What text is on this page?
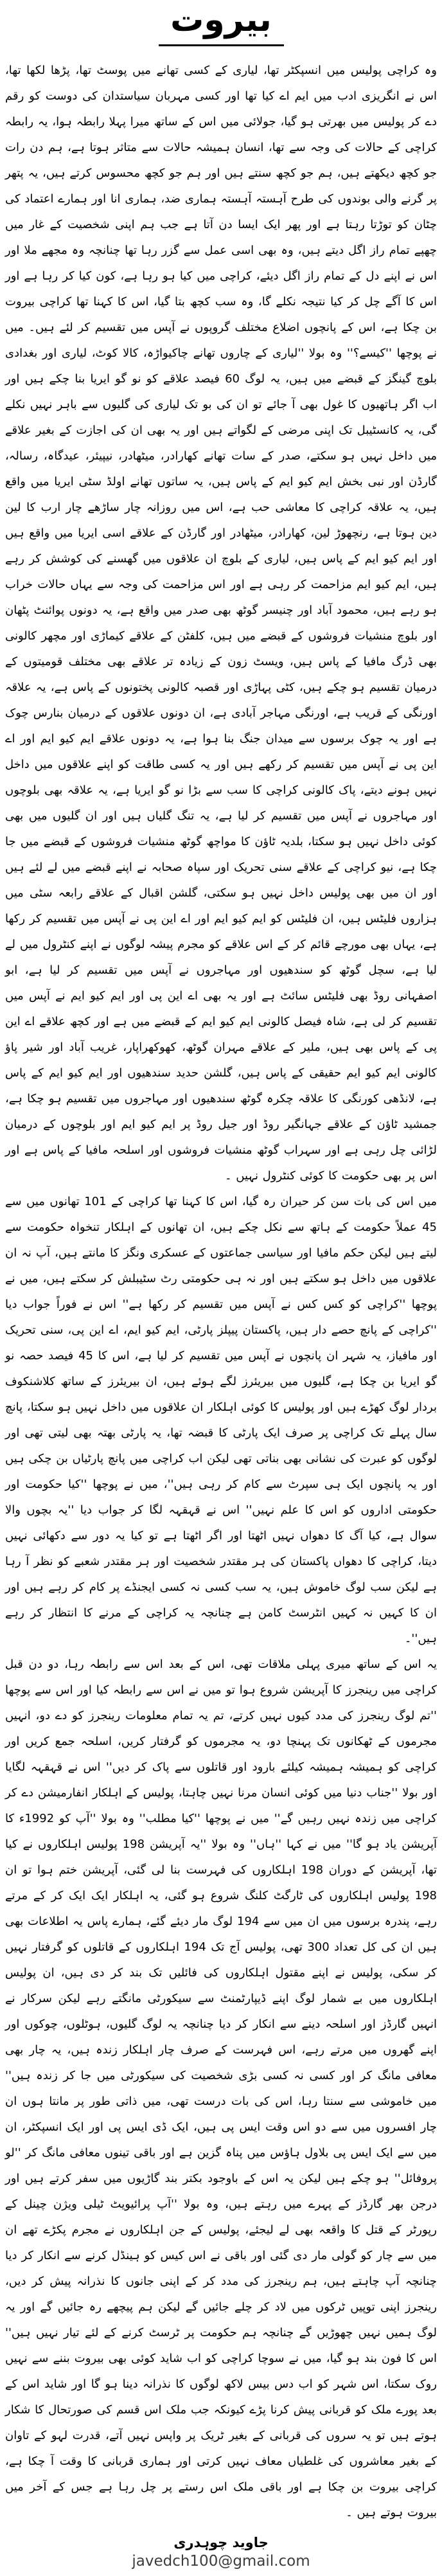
بیروت

وہ کراچی پولیس میں انسپکٹر تھا، لیاری کے کسی تھانے میں پوسٹ تھا، پڑھا لکھا تھا، اس نے انگریزی ادب میں ایم اے کیا تھا اور کسی مہربان سیاستدان کی دوست کو رقم دے کر پولیس میں بھرتی ہو گیا، جولائی میں اس کے ساتھ میرا پہلا رابطہ ہوا، یہ رابطہ کراچی کے حالات کی وجہ سے تھا، انسان ہمیشہ حالات سے متاثر ہوتا ہے، ہم دن رات جو کچھ دیکھتے ہیں، ہم جو کچھ سنتے ہیں اور ہم جو کچھ محسوس کرتے ہیں، یہ پتھر پر گرنے والی بوندوں کی طرح آہستہ آہستہ ہماری ضد، ہماری انا اور ہمارے اعتماد کی چٹان کو توڑتا رہتا ہے اور پھر ایک ایسا دن آتا ہے جب ہم اپنی شخصیت کے غار میں چھپے تمام راز اگل دیتے ہیں، وہ بھی اسی عمل سے گزر رہا تھا چنانچہ وہ مجھے ملا اور اس نے اپنے دل کے تمام راز اگل دیئے، کراچی میں کیا ہو رہا ہے، کون کیا کر رہا ہے اور اس کا آگے چل کر کیا نتیجہ نکلے گا، وہ سب کچھ بتا گیا، اس کا کہنا تھا کراچی بیروت بن چکا ہے، اس کے پانچوں اضلاع مختلف گروپوں نے آپس میں تقسیم کر لئے ہیں۔ میں نے پوچھا ''کیسے؟'' وہ بولا ''لیاری کے چاروں تھانے چاکیواڑہ، کالا کوٹ، لیاری اور بغدادی بلوچ گینگز کے قبضے میں ہیں، یہ لوگ 60 فیصد علاقے کو نو گو ایریا بنا چکے ہیں اور اب اگر ہاتھیوں کا غول بھی آ جائے تو ان کی بو تک لیاری کی گلیوں سے باہر نہیں نکلے گی، یہ کانسٹیبل تک اپنی مرضی کے لگواتے ہیں اور یہ بھی ان کی اجازت کے بغیر علاقے میں داخل نہیں ہو سکتے، صدر کے سات تھانے کھارادر، میٹھادر، نیپیئر، عیدگاہ، رسالہ، گارڈن اور نبی بخش ایم کیو ایم کے پاس ہیں، یہ ساتوں تھانے اولڈ سٹی ایریا میں واقع ہیں، یہ علاقہ کراچی کا معاشی حب ہے، اس میں روزانہ چار ساڑھے چار ارب کا لین دین ہوتا ہے، رنچھوڑ لین، کھارادر، میٹھادر اور گارڈن کے علاقے اسی ایریا میں واقع ہیں اور ایم کیو ایم کے پاس ہیں، لیاری کے بلوچ ان علاقوں میں گھسنے کی کوشش کر رہے ہیں، ایم کیو ایم مزاحمت کر رہی ہے اور اس مزاحمت کی وجہ سے یہاں حالات خراب ہو رہے ہیں، محمود آباد اور چنیسر گوٹھ بھی صدر میں واقع ہے، یہ دونوں پوائنٹ پٹھان اور بلوچ منشیات فروشوں کے قبضے میں ہیں، کلفٹن کے علاقے کیماڑی اور مچھر کالونی بھی ڈرگ مافیا کے پاس ہیں، ویسٹ زون کے زیادہ تر علاقے بھی مختلف قومیتوں کے درمیان تقسیم ہو چکے ہیں، کٹی پہاڑی اور قصبہ کالونی پختونوں کے پاس ہے، یہ علاقہ اورنگی کے قریب ہے، اورنگی مہاجر آبادی ہے، ان دونوں علاقوں کے درمیان بنارس چوک ہے اور یہ چوک برسوں سے میدان جنگ بنا ہوا ہے، یہ دونوں علاقے ایم کیو ایم اور اے این پی نے آپس میں تقسیم کر رکھے ہیں اور یہ کسی طاقت کو اپنے علاقوں میں داخل نہیں ہونے دیتے، پاک کالونی کراچی کا سب سے بڑا نو گو ایریا ہے، یہ علاقہ بھی بلوچوں اور مہاجروں نے آپس میں تقسیم کر لیا ہے، یہ تنگ گلیاں ہیں اور ان گلیوں میں بھی کوئی داخل نہیں ہو سکتا، بلدیہ ٹاؤن کا مواچھ گوٹھ منشیات فروشوں کے قبضے میں جا چکا ہے، نیو کراچی کے علاقے سنی تحریک اور سپاہ صحابہ نے اپنے قبضے میں لے لئے ہیں اور ان میں بھی پولیس داخل نہیں ہو سکتی، گلشن اقبال کے علاقے رابعہ سٹی میں ہزاروں فلیٹس ہیں، ان فلیٹس کو ایم کیو ایم اور اے این پی نے آپس میں تقسیم کر رکھا ہے، یہاں بھی مورچے قائم کر کے اس علاقے کو مجرم پیشہ لوگوں نے اپنے کنٹرول میں لے لیا ہے، سچل گوٹھ کو سندھیوں اور مہاجروں نے آپس میں تقسیم کر لیا ہے، ابو اصفہانی روڈ بھی فلیٹس سائٹ ہے اور یہ بھی اے این پی اور ایم کیو ایم نے آپس میں تقسیم کر لی ہے، شاہ فیصل کالونی ایم کیو ایم کے قبضے میں ہے اور کچھ علاقے اے این پی کے پاس بھی ہیں، ملیر کے علاقے مہران گوٹھ، کھوکھراپار، غریب آباد اور شیر پاؤ کالونی ایم کیو ایم حقیقی کے پاس ہیں، گلشن حدید سندھیوں اور ایم کیو ایم کے پاس ہے، لانڈھی کورنگی کا علاقہ چکرہ گوٹھ سندھیوں اور مہاجروں میں تقسیم ہو چکا ہے، جمشید ٹاؤن کے علاقے جہانگیر روڈ اور جیل روڈ پر ایم کیو ایم اور بلوچوں کے درمیان لڑائی چل رہی ہے اور سہراب گوٹھ منشیات فروشوں اور اسلحہ مافیا کے پاس ہے اور اس پر بھی حکومت کا کوئی کنٹرول نہیں ۔

میں اس کی بات سن کر حیران رہ گیا، اس کا کہنا تھا کراچی کے 101 تھانوں میں سے 45 عملاً حکومت کے ہاتھ سے نکل چکے ہیں، ان تھانوں کے اہلکار تنخواہ حکومت سے لیتے ہیں لیکن حکم مافیا اور سیاسی جماعتوں کے عسکری ونگز کا مانتے ہیں، آپ نہ ان علاقوں میں داخل ہو سکتے ہیں اور نہ ہی حکومتی رٹ سٹیبلش کر سکتے ہیں، میں نے پوچھا ''کراچی کو کس کس نے آپس میں تقسیم کر رکھا ہے'' اس نے فوراً جواب دیا ''کراچی کے پانچ حصے دار ہیں، پاکستان پیپلز پارٹی، ایم کیو ایم، اے این پی، سنی تحریک اور مافیاز، یہ شہر ان پانچوں نے آپس میں تقسیم کر لیا ہے، اس کا 45 فیصد حصہ نو گو ایریا بن چکا ہے، گلیوں میں بیریئرز لگے ہوئے ہیں، ان بیریئرز کے ساتھ کلاشنکوف بردار لوگ کھڑے ہیں اور پولیس کا کوئی اہلکار ان علاقوں میں داخل نہیں ہو سکتا، پانچ سال پہلے تک کراچی پر صرف ایک پارٹی کا قبضہ تھا، یہ پارٹی بھتہ بھی لیتی تھی اور لوگوں کو عبرت کی نشانی بھی بناتی تھی لیکن اب کراچی میں پانچ پارٹیاں بن چکی ہیں اور یہ پانچوں ایک ہی سپرٹ سے کام کر رہی ہیں''، میں نے پوچھا ''کیا حکومت اور حکومتی اداروں کو اس کا علم نہیں'' اس نے قہقہہ لگا کر جواب دیا ''یہ بچوں والا سوال ہے، کیا آگ کا دھواں نہیں اٹھتا اور اگر اٹھتا ہے تو کیا یہ دور سے دکھائی نہیں دیتا، کراچی کا دھواں پاکستان کی ہر مقتدر شخصیت اور ہر مقتدر شعبے کو نظر آ رہا ہے لیکن سب لوگ خاموش ہیں، یہ سب کسی نہ کسی ایجنڈے پر کام کر رہے ہیں اور ان کا کہیں نہ کہیں انٹرسٹ کامن ہے چنانچہ یہ کراچی کے مرنے کا انتظار کر رہے ہیں''۔

یہ اس کے ساتھ میری پہلی ملاقات تھی، اس کے بعد اس سے رابطہ رہا، دو دن قبل کراچی میں رینجرز کا آپریشن شروع ہوا تو میں نے اس سے رابطہ کیا اور اس سے پوچھا ''تم لوگ رینجرز کی مدد کیوں نہیں کرتے، تم یہ تمام معلومات رینجرز کو دے دو، انہیں مجرموں کے ٹھکانوں تک پہنچا دو، یہ مجرموں کو گرفتار کریں، اسلحہ جمع کریں اور کراچی کو ہمیشہ ہمیشہ کیلئے بارود اور قاتلوں سے پاک کر دیں'' اس نے قہقہہ لگایا اور بولا ''جناب دنیا میں کوئی انسان مرنا نہیں چاہتا، پولیس کے اہلکار انفارمیشن دے کر کراچی میں زندہ نہیں رہیں گے'' میں نے پوچھا ''کیا مطلب'' وہ بولا ''آپ کو 1992ء کا آپریشن یاد ہو گا'' میں نے کہا ''ہاں'' وہ بولا ''یہ آپریشن 198 پولیس اہلکاروں نے کیا تھا، آپریشن کے دوران 198 اہلکاروں کی فہرست بنا لی گئی، آپریشن ختم ہوا تو ان 198 پولیس اہلکاروں کی ٹارگٹ کلنگ شروع ہو گئی، یہ اہلکار ایک ایک کر کے مرتے رہے، پندرہ برسوں میں ان میں سے 194 لوگ مار دیئے گئے، ہمارے پاس یہ اطلاعات بھی ہیں ان کی کل تعداد 300 تھی، پولیس آج تک 194 اہلکاروں کے قاتلوں کو گرفتار نہیں کر سکی، پولیس نے اپنے مقتول اہلکاروں کی فائلیں تک بند کر دی ہیں، ان پولیس اہلکاروں میں بے شمار لوگ اپنے ڈیپارٹمنٹ سے سیکورٹی مانگتے رہے لیکن سرکار نے انہیں گارڈز اور اسلحہ دینے سے انکار کر دیا چنانچہ یہ لوگ گلیوں، ہوٹلوں، چوکوں اور اپنے گھروں میں مرتے رہے، اس فہرست کے صرف چار اہلکار زندہ ہیں، یہ چار بھی معافی مانگ کر اور کسی نہ کسی بڑی شخصیت کی سیکورٹی میں جا کر زندہ ہیں'' میں خاموشی سے سنتا رہا، اس کی بات درست تھی، میں ذاتی طور پر مانتا ہوں ان چار افسروں میں سے دو اس وقت ایس پی ہیں، ایک ڈی ایس پی اور ایک انسپکٹر، ان میں سے ایک ایس پی بلاول ہاؤس میں پناہ گزین ہے اور باقی تینوں معافی مانگ کر ''لو پروفائل'' ہو چکے ہیں لیکن یہ اس کے باوجود بکتر بند گاڑیوں میں سفر کرتے ہیں اور درجن بھر گارڈز کے پہرے میں رہتے ہیں، وہ بولا ''آپ پرائیویٹ ٹیلی ویژن چینل کے رپورٹر کے قتل کا واقعہ بھی لے لیجئے، پولیس کے جن اہلکاروں نے مجرم پکڑے تھے ان میں سے چار کو گولی مار دی گئی اور باقی نے اس کیس کو ہینڈل کرنے سے انکار کر دیا چنانچہ آپ چاہتے ہیں، ہم رینجرز کی مدد کر کے اپنی جانوں کا نذرانہ پیش کر دیں، رینجرز اپنی توپیں ٹرکوں میں لاد کر چلے جائیں گے لیکن ہم پیچھے رہ جائیں گے اور یہ لوگ ہمیں نہیں چھوڑیں گے چنانچہ ہم حکومت پر ٹرسٹ کرنے کے لئے تیار نہیں ہیں'' اس کا فون بند ہو گیا، میں نے سوچا کراچی کو اب شاید کوئی بھی بیروت بننے سے نہیں روک سکتا، اس شہر کو اب دس بیس لاکھ لوگوں کا نذرانہ دینا ہو گا اور شاید اس کے بعد پورے ملک کو قربانی پیش کرنا پڑے کیونکہ جب ملک اس قسم کی صورتحال کا شکار ہوتے ہیں تو یہ سروں کی قربانی کے بغیر ٹریک پر واپس نہیں آتے، قدرت لہو کے تاوان کے بغیر معاشروں کی غلطیاں معاف نہیں کرتی اور ہماری قربانی کا وقت آ چکا ہے، کراچی بیروت بن چکا ہے اور باقی ملک اس رستے پر چل رہا ہے جس کے آخر میں بیروت ہوتے ہیں ۔

جاوید چوہدری
javedch100@gmail.com
